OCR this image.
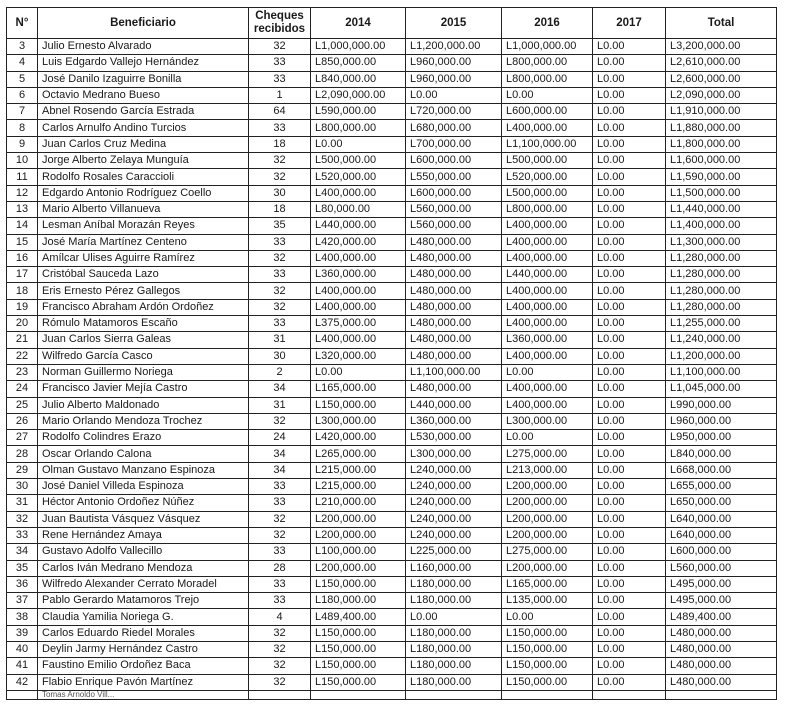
N°	Beneficiario	Cheques recibidos	2014	2015	2016	2017	Total
3	Julio Ernesto Alvarado	32	L1,000,000.00	L1,200,000.00	L1,000,000.00	L0.00	L3,200,000.00
4	Luis Edgardo Vallejo Hernández	33	L850,000.00	L960,000.00	L800,000.00	L0.00	L2,610,000.00
5	José Danilo Izaguirre Bonilla	33	L840,000.00	L960,000.00	L800,000.00	L0.00	L2,600,000.00
6	Octavio Medrano Bueso	1	L2,090,000.00	L0.00	L0.00	L0.00	L2,090,000.00
7	Abnel Rosendo García Estrada	64	L590,000.00	L720,000.00	L600,000.00	L0.00	L1,910,000.00
8	Carlos Arnulfo Andino Turcios	33	L800,000.00	L680,000.00	L400,000.00	L0.00	L1,880,000.00
9	Juan Carlos Cruz Medina	18	L0.00	L700,000.00	L1,100,000.00	L0.00	L1,800,000.00
10	Jorge Alberto Zelaya Munguía	32	L500,000.00	L600,000.00	L500,000.00	L0.00	L1,600,000.00
11	Rodolfo Rosales Caraccioli	32	L520,000.00	L550,000.00	L520,000.00	L0.00	L1,590,000.00
12	Edgardo Antonio Rodríguez Coello	30	L400,000.00	L600,000.00	L500,000.00	L0.00	L1,500,000.00
13	Mario Alberto Villanueva	18	L80,000.00	L560,000.00	L800,000.00	L0.00	L1,440,000.00
14	Lesman Aníbal Morazán Reyes	35	L440,000.00	L560,000.00	L400,000.00	L0.00	L1,400,000.00
15	José María Martínez Centeno	33	L420,000.00	L480,000.00	L400,000.00	L0.00	L1,300,000.00
16	Amílcar Ulises Aguirre Ramírez	32	L400,000.00	L480,000.00	L400,000.00	L0.00	L1,280,000.00
17	Cristóbal Sauceda Lazo	33	L360,000.00	L480,000.00	L440,000.00	L0.00	L1,280,000.00
18	Eris Ernesto Pérez Gallegos	32	L400,000.00	L480,000.00	L400,000.00	L0.00	L1,280,000.00
19	Francisco Abraham Ardón Ordoñez	32	L400,000.00	L480,000.00	L400,000.00	L0.00	L1,280,000.00
20	Rómulo Matamoros Escaño	33	L375,000.00	L480,000.00	L400,000.00	L0.00	L1,255,000.00
21	Juan Carlos Sierra Galeas	31	L400,000.00	L480,000.00	L360,000.00	L0.00	L1,240,000.00
22	Wilfredo García Casco	30	L320,000.00	L480,000.00	L400,000.00	L0.00	L1,200,000.00
23	Norman Guillermo Noriega	2	L0.00	L1,100,000.00	L0.00	L0.00	L1,100,000.00
24	Francisco Javier Mejía Castro	34	L165,000.00	L480,000.00	L400,000.00	L0.00	L1,045,000.00
25	Julio Alberto Maldonado	31	L150,000.00	L440,000.00	L400,000.00	L0.00	L990,000.00
26	Mario Orlando Mendoza Trochez	32	L300,000.00	L360,000.00	L300,000.00	L0.00	L960,000.00
27	Rodolfo Colindres Erazo	24	L420,000.00	L530,000.00	L0.00	L0.00	L950,000.00
28	Oscar Orlando Calona	34	L265,000.00	L300,000.00	L275,000.00	L0.00	L840,000.00
29	Olman Gustavo Manzano Espinoza	34	L215,000.00	L240,000.00	L213,000.00	L0.00	L668,000.00
30	José Daniel Villeda Espinoza	33	L215,000.00	L240,000.00	L200,000.00	L0.00	L655,000.00
31	Héctor Antonio Ordoñez Núñez	33	L210,000.00	L240,000.00	L200,000.00	L0.00	L650,000.00
32	Juan Bautista Vásquez Vásquez	32	L200,000.00	L240,000.00	L200,000.00	L0.00	L640,000.00
33	Rene Hernández Amaya	32	L200,000.00	L240,000.00	L200,000.00	L0.00	L640,000.00
34	Gustavo Adolfo Vallecillo	33	L100,000.00	L225,000.00	L275,000.00	L0.00	L600,000.00
35	Carlos Iván Medrano Mendoza	28	L200,000.00	L160,000.00	L200,000.00	L0.00	L560,000.00
36	Wilfredo Alexander Cerrato Moradel	33	L150,000.00	L180,000.00	L165,000.00	L0.00	L495,000.00
37	Pablo Gerardo Matamoros Trejo	33	L180,000.00	L180,000.00	L135,000.00	L0.00	L495,000.00
38	Claudia Yamilia Noriega G.	4	L489,400.00	L0.00	L0.00	L0.00	L489,400.00
39	Carlos Eduardo Riedel Morales	32	L150,000.00	L180,000.00	L150,000.00	L0.00	L480,000.00
40	Deylin Jarmy Hernández Castro	32	L150,000.00	L180,000.00	L150,000.00	L0.00	L480,000.00
41	Faustino Emilio Ordoñez Baca	32	L150,000.00	L180,000.00	L150,000.00	L0.00	L480,000.00
42	Flabio Enrique Pavón Martínez	32	L150,000.00	L180,000.00	L150,000.00	L0.00	L480,000.00
	Tomas Arnoldo Vill...						
